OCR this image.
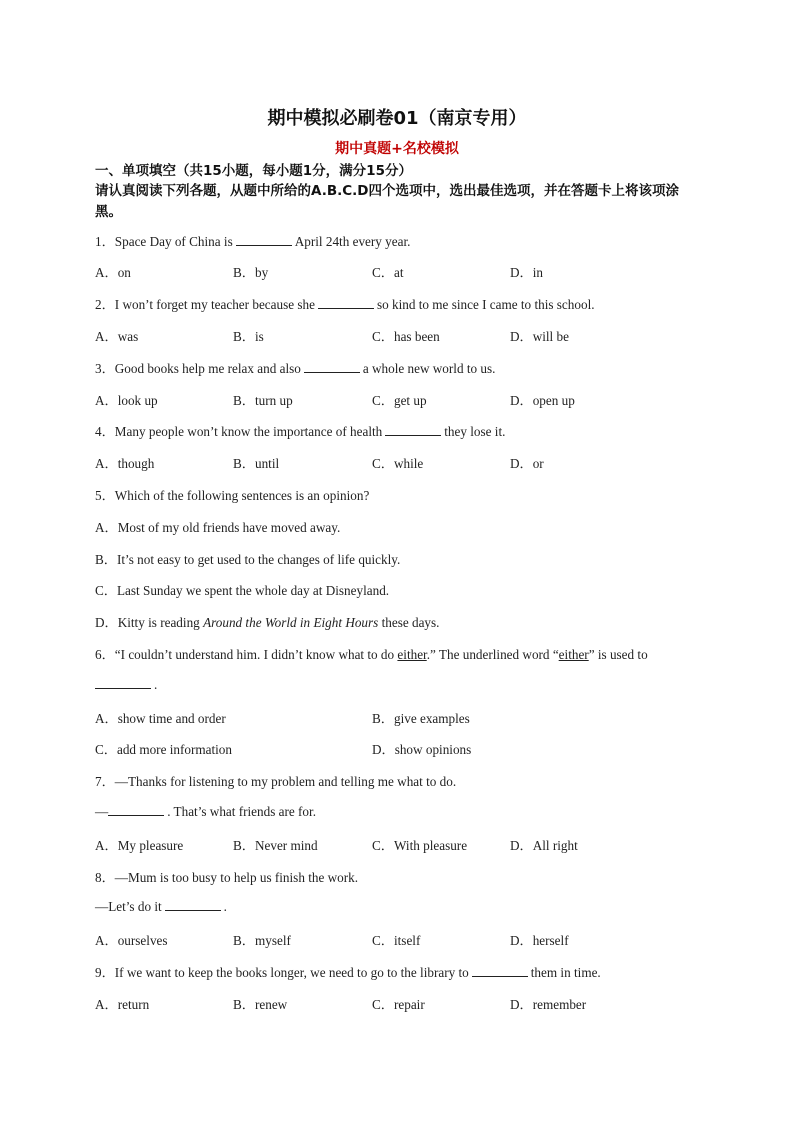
期中模拟必刷卷01（南京专用）
期中真题+名校模拟
一、单项填空（共15小题，每小题1分，满分15分）
请认真阅读下列各题，从题中所给的A.B.C.D四个选项中，选出最佳选项，并在答题卡上将该项涂黑。
1．Space Day of China is	April 24th every year.
A．on	B．by	C．at	D．in
2．I won’t forget my teacher because she	so kind to me since I came to this school.
A．was	B．is	C．has been	D．will be
3．Good books help me relax and also	a whole new world to us.
A．look up	B．turn up	C．get up	D．open up
4．Many people won’t know the importance of health	they lose it.
A．though	B．until	C．while	D．or
5．Which of the following sentences is an opinion?
A．Most of my old friends have moved away.
B．It’s not easy to get used to the changes of life quickly.
C．Last Sunday we spent the whole day at Disneyland.
D．Kitty is reading Around the World in Eight Hours these days.
6．“I couldn’t understand him. I didn’t know what to do either.” The underlined word “either” is used to
.
A．show time and order	B．give examples
C．add more information	D．show opinions
7．—Thanks for listening to my problem and telling me what to do.
—	. That’s what friends are for.
A．My pleasure	B．Never mind	C．With pleasure	D．All right
8．—Mum is too busy to help us finish the work.
—Let’s do it	.
A．ourselves	B．myself	C．itself	D．herself
9．If we want to keep the books longer, we need to go to the library to	them in time.
A．return	B．renew	C．repair	D．remember
